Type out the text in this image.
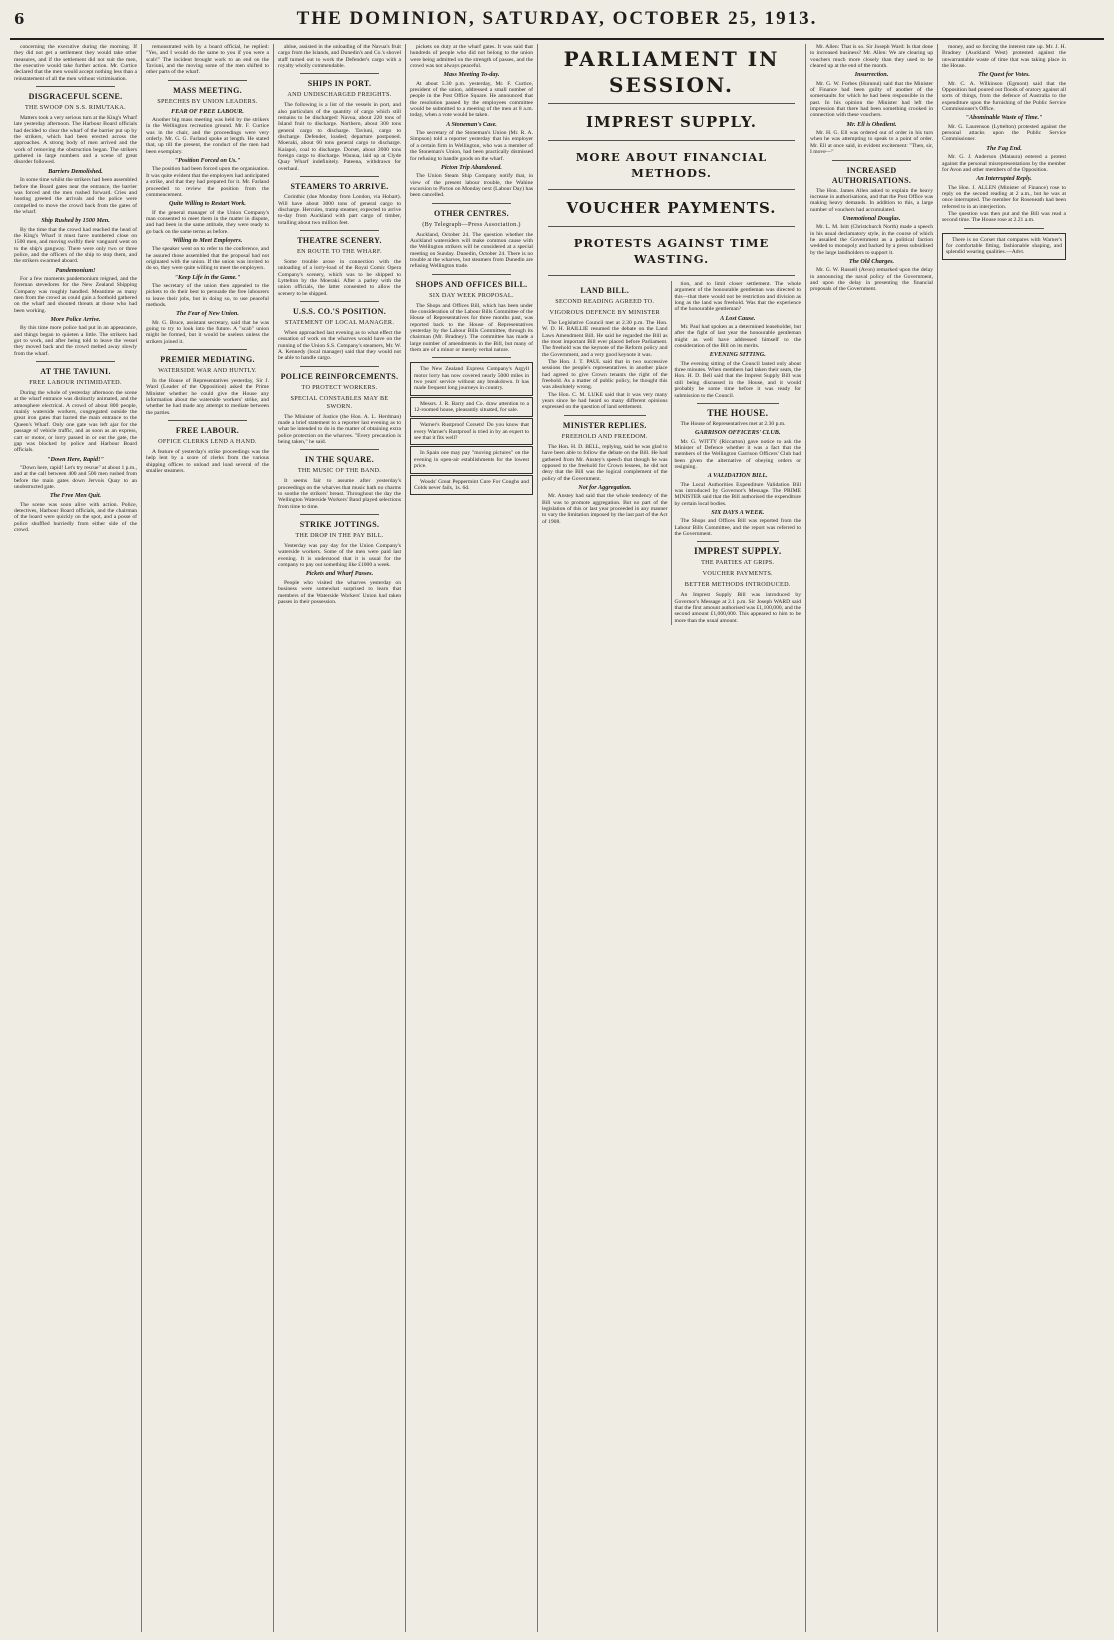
6	THE DOMINION, SATURDAY, OCTOBER 25, 1913.

concerning the executive during the morning. If they did not get a settlement they would take other measures, and if the settlement did not suit the men, the executive would take further action. Mr. Curtice declared that the men would accept nothing less than a reinstatement of all the men without victimisation.

DISGRACEFUL SCENE.
THE SWOOP ON S.S. RIMUTAKA.

Matters took a very serious turn at the King's Wharf late yesterday afternoon. The Harbour Board officials had decided to clear the wharf of the barrier put up by the strikers, which had been erected across the approaches. A strong body of men arrived and the work of removing the obstruction began. The strikers gathered in large numbers and a scene of great disorder followed.

Barriers Demolished.

In some time whilst the strikers had been assembled before the Board gates near the entrance, the barrier was forced and the men rushed forward. Cries and hooting greeted the arrivals and the police were compelled to move the crowd back from the gates of the wharf.

Ship Rushed by 1500 Men.

By the time that the crowd had reached the head of the King's Wharf it must have numbered close on 1500 men, and moving swiftly their vanguard went on to the ship's gangway. There were only two or three police, and the officers of the ship to stop them, and the strikers swarmed aboard.

Pandemonium!

For a few moments pandemonium reigned, and the foreman stevedores for the New Zealand Shipping Company was roughly handled. Meantime as many men from the crowd as could gain a foothold gathered on the wharf and shouted threats at those who had been working.

More Police Arrive.

By this time more police had put in an appearance, and things began to quieten a little. The strikers had got to work, and after being told to leave the vessel they moved back and the crowd melted away slowly from the wharf.

AT THE TAVIUNI.
FREE LABOUR INTIMIDATED.

During the whole of yesterday afternoon the scene at the wharf entrance was distinctly animated, and the atmosphere electrical. A crowd of about 800 people, mainly waterside workers, congregated outside the great iron gates that barred the main entrance to the Queen's Wharf. Only one gate was left ajar for the passage of vehicle traffic, and as soon as an express, cart or motor, or lorry passed in or out the gate, the gap was blocked by police and Harbour Board officials.

"Down Here, Rapid!"

"Down here, rapid! Let's try rescue" at about 1 p.m., and at the call between 400 and 500 men rushed from before the main gates down Jervois Quay to an unobstructed gate.

The Free Men Quit.

The scene was soon alive with action. Police, detectives, Harbour Board officials, and the chairman of the board were quickly on the spot, and a posse of police shuffled hurriedly from either side of the crowd.

remonstrated with by a board official, he replied: "Yes, and I would do the same to you if you were a scab!" The incident brought work to an end on the Taviuni, and the moving some of the men shifted to other parts of the wharf.

MASS MEETING.
SPEECHES BY UNION LEADERS.
FEAR OF FREE LABOUR.

Another big mass meeting was held by the strikers in the Wellington recreation ground. Mr. F. Curtice was in the chair, and the proceedings were very orderly. Mr. G. G. Farland spoke at length. He stated that, up till the present, the conduct of the men had been exemplary.

"Position Forced on Us."

The position had been forced upon the organisation. It was quite evident that the employers had anticipated a strike, and that they had prepared for it. Mr. Farland proceeded to review the position from the commencement.

Quite Willing to Restart Work.

If the general manager of the Union Company's man consented to meet them in the matter in dispute, and had been in the same attitude, they were ready to go back on the same terms as before.

Willing to Meet Employers.

The speaker went on to refer to the conference, and he assured those assembled that the proposal had not originated with the union. If the union was invited to do so, they were quite willing to meet the employers.

"Keep Life in the Game."

The secretary of the union then appealed to the pickets to do their best to persuade the free labourers to leave their jobs, but in doing so, to use peaceful methods.

The Fear of New Union.

Mr. G. Bruce, assistant secretary, said that he was going to try to look into the future. A "scab" union might be formed, but it would be useless unless the strikers joined it.

PREMIER MEDIATING.
WATERSIDE WAR AND HUNTLY.

In the House of Representatives yesterday, Sir J. Ward (Leader of the Opposition) asked the Prime Minister whether he could give the House any information about the waterside workers' strike, and whether he had made any attempt to mediate between the parties.

FREE LABOUR.
OFFICE CLERKS LEND A HAND.

A feature of yesterday's strike proceedings was the help lent by a score of clerks from the various shipping offices to unload and load several of the smaller steamers.

ablue, assisted in the unloading of the Navua's fruit cargo from the Islands, and Dunedin's and Co.'s shovel staff turned out to work the Defender's cargo with a royalty wholly commendable.

SHIPS IN PORT.
AND UNDISCHARGED FREIGHTS.

The following is a list of the vessels in port, and also particulars of the quantity of cargo which still remains to be discharged: Navua, about 220 tons of Island fruit to discharge. Northern, about 300 tons general cargo to discharge. Taviuni, cargo to discharge. Defender, loaded; departure postponed. Moeraki, about 60 tons general cargo to discharge. Kaiapoi, coal to discharge. Dorset, about 2000 tons foreign cargo to discharge. Waraua, laid up at Clyde Quay Wharf indefinitely. Pateena, withdrawn for overhaul.

STEAMERS TO ARRIVE.

Corinthic (due Monday from London, via Hobart). Will have about 3000 tons of general cargo to discharge. Hercules, tramp steamer, expected to arrive to-day from Auckland with part cargo of timber, totalling about two million feet.

THEATRE SCENERY.
EN ROUTE TO THE WHARF.

Some trouble arose in connection with the unloading of a lorry-load of the Royal Comic Opera Company's scenery, which was to be shipped to Lyttelton by the Moeraki. After a parley with the union officials, the latter consented to allow the scenery to be shipped.

U.S.S. CO.'S POSITION.
STATEMENT OF LOCAL MANAGER.

When approached last evening as to what effect the cessation of work on the wharves would have on the running of the Union S.S. Company's steamers, Mr. W. A. Kennedy (local manager) said that they would not be able to handle cargo.

POLICE REINFORCEMENTS.
TO PROTECT WORKERS.
SPECIAL CONSTABLES MAY BE SWORN.

The Minister of Justice (the Hon. A. L. Herdman) made a brief statement to a reporter last evening as to what he intended to do in the matter of obtaining extra police protection on the wharves. "Every precaution is being taken," he said.

IN THE SQUARE.
THE MUSIC OF THE BAND.

It seems fair to assume after yesterday's proceedings on the wharves that music hath no charms to soothe the strikers' breast. Throughout the day the Wellington Waterside Workers' Band played selections from time to time.

STRIKE JOTTINGS.
THE DROP IN THE PAY BILL.

Yesterday was pay day for the Union Company's waterside workers. Some of the men were paid last evening. It is understood that it is usual for the company to pay out something like £1000 a week.

Pickets and Wharf Passes.

People who visited the wharves yesterday on business were somewhat surprised to learn that members of the Waterside Workers' Union had taken passes in their possession.

pickets on duty at the wharf gates. It was said that hundreds of people who did not belong to the union were being admitted on the strength of passes, and the crowd was not always peaceful.

Mass Meeting To-day.

At about 5.30 p.m. yesterday, Mr. F. Curtice, president of the union, addressed a small number of people in the Post Office Square. He announced that the resolution passed by the employees committee would be submitted to a meeting of the men at 8 a.m. today, when a vote would be taken.

A Stoneman's Case.

The secretary of the Stoneman's Union (Mr. R. A. Simpson) told a reporter yesterday that his employer of a certain firm in Wellington, who was a member of the Stoneman's Union, had been practically dismissed for refusing to handle goods on the wharf.

Picton Trip Abandoned.

The Union Steam Ship Company notify that, in view of the present labour trouble, the Wahine excursion to Picton on Monday next (Labour Day) has been cancelled.

OTHER CENTRES.
(By Telegraph—Press Association.)

Auckland, October 24. The question whether the Auckland watersiders will make common cause with the Wellington strikers will be considered at a special meeting on Sunday. Dunedin, October 24. There is no trouble at the wharves, but steamers from Dunedin are refusing Wellington trade.

SHOPS AND OFFICES BILL.
SIX DAY WEEK PROPOSAL.

The Shops and Offices Bill, which has been under the consideration of the Labour Bills Committee of the House of Representatives for three months past, was reported back to the House of Representatives yesterday by the Labour Bills Committee, through its chairman (Mr. Bradney). The committee has made a large number of amendments in the Bill, but many of them are of a minor or merely verbal nature.

The New Zealand Express Company's Argyll motor lorry has now covered nearly 5000 miles in two years' service without any breakdown. It has made frequent long journeys in country.

Messrs. J. R. Barry and Co. draw attention to a 12-roomed house, pleasantly situated, for sale.

Warner's Rustproof Corsets! Do you know that every Warner's Rustproof is tried in by an expert to see that it fits well?

In Spain one may pay "moving pictures" on the evening in open-air establishments for the lowest price.

Woods' Great Peppermint Cure For Coughs and Colds never fails, 1s. 6d.

PARLIAMENT IN SESSION.
IMPREST SUPPLY.
MORE ABOUT FINANCIAL METHODS.
VOUCHER PAYMENTS.
PROTESTS AGAINST TIME WASTING.
LAND BILL.
SECOND READING AGREED TO.
VIGOROUS DEFENCE BY MINISTER

The Legislative Council met at 2.30 p.m. The Hon. W. D. H. BAILLIE resumed the debate on the Land Laws Amendment Bill. He said he regarded the Bill as the most important Bill ever placed before Parliament. The freehold was the keynote of the Reform policy and the Government, and a very good keynote it was.

The Hon. J. T. PAUL said that in two successive sessions the people's representatives in another place had agreed to give Crown tenants the right of the freehold. As a matter of public policy, he thought this was absolutely wrong.

The Hon. C. M. LUKE said that it was very many years since he had heard so many different opinions expressed on the question of land settlement.

MINISTER REPLIES.
FREEHOLD AND FREEDOM.

The Hon. H. D. BELL, replying, said he was glad to have been able to follow the debate on the Bill. He had gathered from Mr. Anstey's speech that though he was opposed to the freehold for Crown lessees, he did not deny that the Bill was the logical complement of the policy of the Government.

Not for Aggregation.

Mr. Anstey had said that the whole tendency of the Bill was to promote aggregation. But no part of the legislation of this or last year proceeded in any manner to vary the limitation imposed by the last part of the Act of 1908.

tion, and to limit closer settlement. The whole argument of the honourable gentleman was directed to this—that there would not be restriction and division as long as the land was freehold. Was that the experience of the honourable gentleman?

A Lost Cause.

Mr. Paul had spoken as a determined leaseholder, but after the fight of last year the honourable gentleman might as well have addressed himself to the consideration of the Bill on its merits.

EVENING SITTING.

The evening sitting of the Council lasted only about three minutes. When members had taken their seats, the Hon. H. D. Bell said that the Imprest Supply Bill was still being discussed in the House, and it would probably be some time before it was ready for submission to the Council.

THE HOUSE.

The House of Representatives met at 2.30 p.m.

GARRISON OFFICERS' CLUB.

Mr. G. WITTY (Riccarton) gave notice to ask the Minister of Defence whether it was a fact that the members of the Wellington Garrison Officers' Club had been given the alternative of obeying orders or resigning.

A VALIDATION BILL.

The Local Authorities Expenditure Validation Bill was introduced by Governor's Message. The PRIME MINISTER said that the Bill authorised the expenditure by certain local bodies.

SIX DAYS A WEEK.

The Shops and Offices Bill was reported from the Labour Bills Committee, and the report was referred to the Government.

IMPREST SUPPLY.
THE PARTIES AT GRIPS.
VOUCHER PAYMENTS.
BETTER METHODS INTRODUCED.

An Imprest Supply Bill was introduced by Governor's Message at 2.1 p.m. Sir Joseph WARD said that the first amount authorised was £1,100,000, and the second amount £1,000,000. This appeared to him to be more than the usual amount.

Mr. Allen: That is so. Sir Joseph Ward: Is that done to increased business? Mr. Allen: We are clearing up vouchers much more closely than they used to be cleared up at the end of the month.

Insurrection.

Mr. G. W. Forbes (Hurunui) said that the Minister of Finance had been guilty of another of the somersaults for which he had been responsible in the past. In his opinion the Minister had left the impression that there had been something crooked in connection with these vouchers.

Mr. Ell is Obedient.

Mr. H. G. Ell was ordered out of order in his turn when he was attempting to speak to a point of order. Mr. Ell at once said, in evident excitement: "Then, sir, I move—"

INCREASED AUTHORISATIONS.

The Hon. James Allen asked to explain the heavy increase in authorisations, and that the Post Office was making heavy demands. In addition to this, a large number of vouchers had accumulated.

Unemotional Douglas.

Mr. L. M. Isitt (Christchurch North) made a speech in his usual declamatory style, in the course of which he assailed the Government as a political faction wedded to monopoly and backed by a press subsidised by the large landholders to support it.

The Old Charges.

Mr. G. W. Russell (Avon) remarked upon the delay in announcing the naval policy of the Government, and upon the delay in presenting the financial proposals of the Government.

money, and so forcing the interest rate up. Mr. J. H. Bradney (Auckland West) protested against the unwarrantable waste of time that was taking place in the House.

The Quest for Votes.

Mr. C. A. Wilkinson (Egmont) said that the Opposition had poured out floods of oratory against all sorts of things, from the defence of Australia to the expenditure upon the furnishing of the Public Service Commissioner's Office.

"Abominable Waste of Time."

Mr. G. Laurenson (Lyttelton) protested against the personal attacks upon the Public Service Commissioner.

The Fag End.

Mr. G. J. Anderson (Mataura) entered a protest against the personal misrepresentations by the member for Avon and other members of the Opposition.

An Interrupted Reply.

The Hon. J. ALLEN (Minister of Finance) rose to reply on the second reading at 2 a.m., but he was at once interrupted. The member for Roseneath had been referred to in an interjection.

The question was then put and the Bill was read a second time. The House rose at 2.21 a.m.

There is no Corset that compares with Warner's for comfortable fitting, fashionable shaping, and splendid wearing qualities.—Advt.
